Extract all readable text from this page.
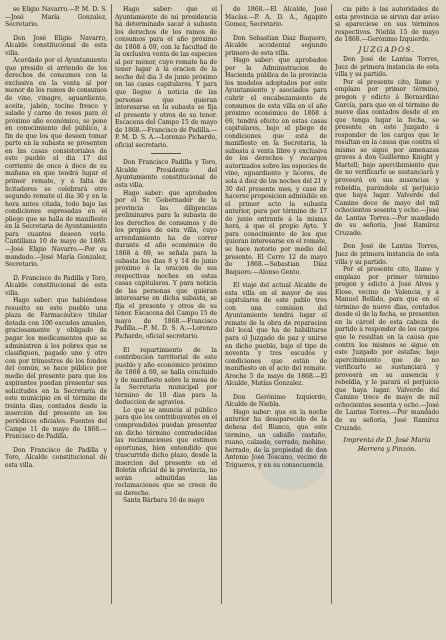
se Eligio Navarro.—P. M. D. S.—José María Gonzalez, Secretario.

Don José Eligio Navarro, Alcalde constitucional de esta villa.

Acordado por el Ayuntamiento que presido el arriendo de los derechos de consumos con la exclusiva en la venta al por menor de los ramos de consumos de vino, vinagre, aguardiente, aceite, jabón, tocino fresco y salado y carne de reses para el próximo año económico, se pone en conocimiento del público, á fin de que los que deseen tomar parte en la subasta se presenten en las casas consistoriales de este pueblo el dia 17 del corriente de once á doce de su mañana en que tendrá lugar el primer remate, y á falta de licitadores se celebrará otro segundo remate el dia 30 y en la hora antes citada, todo bajo las condiciones espresadas en el pliego que se halla de manifiesto en la Secretaria de Ayuntamiento para cuantos deseen verle. Cantillana 10 de mayo de 1868.—José Eligio Navarro.—Por su mandado.—José María Gonzalez, Secretario.

D. Francisco de Padilla y Toro, Alcalde constitucional de esta villa.

Hago saber: que habiéndose resuelto en este pueblo una plaza de Farmacéutico titular dotada con 100 escudos anuales, graciosamente y obligado de pagar los medicamentos que se administren á los pobres que se clasifiquen, pagado uno y otro con por trimestres de los fondos del común, se hace público por medio del presente para que los aspirantes puedan presentar sus solicitudes en la Secretaría de este municipio en el término de treinta dias, contados desde la inserción del presente en los periódicos oficiales. Fuentes del Campo 11 de mayo de 1868.—Francisco de Padilla.

Don Francisco de Padilla y Toro, Alcalde constitucional de esta villa.

Hago saber: que el Ayuntamiento de mi presidencia ha determinado sacar á subasta los derechos de los ramos de consumos para el año próximo de 1868 á 69, con la facultad de la exclusiva venta de las especies al por menor, cuyo remate ha de tener lugar á la oracion de la noche del dia 3 de junio próximo en las casas capitulares. Y para que llegue á noticia de las personas que quieran interesarse en la subasta se fija el presente y otros de su tenor. Escacena del Campo 15 de mayo de 1868.—Francisco de Padilla.—P. M. D. S. A.—Lorenzo Pichardo, oficial secretario.

Don Francisco Padilla y Toro, Alcalde Presidente del Ayuntamiento constitucional de esta villa.

Hago saber: que aprobados por el Sr. Gobernador de la provincia las diligencias preliminares para la subasta de los derechos de consumos y de los propios de esta villa, cuyo arrendamiento ha de correr durante el año económico de 1868 á 69, se señala para la subasta los dias 8 y 14 de junio próximo á la oracion de sus respectivas noches en estas casas capitulares. Y para noticia de las personas que quieran interesarse en dicha subasta, se fija el presente y otros de su tenor. Escacena del Campo 15 de mayo de 1868.—Francisco Padilla.—P. M. D. S. A.—Lorenzo Pichardo, oficial secretario.

El repartimiento de la contribucion territorial de este pueblo y año económico próximo de 1868 á 69, se halla concluido y de manifiesto sobre la mesa de la Secretaría municipal por término de 10 dias para la deduccion de agravios.

Lo que se anuncia al público para que los contribuyentes en el comprendidos puedan presentar en dicho término contradecidas las reclamaciones que estimen oportunas, bien entendido que trascurrido dicho plazo, desde la insercion del presente en el Boletín oficial de la provincia, no serán admitidas las reclamaciones que se creen de su derecho.

Santa Bárbara 16 de mayo

de 1868.—El Alcalde, José Macías.—P. A. D. A., Agapito Gomez, Secretario.

Don Sebastian Diaz Baquero, Alcalde accidental segundo primero de esta villa.

Hago saber: que aprobados por la Administracion de Hacienda pública de la provincia los modelos adoptados por este Ayuntamiento y asociados para cubrir el encabezamiento de consumos de esta villa en el año próximo económico de 1868 á 69, tendrá efecto en estas casas capitulares, bajo el pliego de condiciones que está de manifiesto en la Secretaria, la subasta á venta libre y exclusiva de los derechos y recargos autorizados sobre las especies de vino, aguardiente y licores, de sola á diez de las noches del 21 y 30 del presente mes, y caso de hacerse proposicion admisible en el primer acto la subasta anterior, para por término de 17 de junio entrante á la misma hora, á que el propio Ayto. Y para conocimiento de los que quieran interesarse en el remate, se hace notorio por medio del presente. El Cerro 12 de mayo de 1868.—Sebastian Diaz Baquero.—Alonso Gento.

El viaje del actual Alcalde de esta villa en el mayor de sus capitulares de este pablo tres con una comision del Ayuntamiento tendrá lugar el remate de la obra de reparacion del local que ha de habilitarse para el Juzgado de paz y unirse en dicho pueblo, bajo el tipo de noventa y tres escudos y condiciones que están de manifiesto en el acto del remate. Aroche 5 de mayo de 1868.—El Alcalde, Matías Gonzalez.

Don Gerónimo Izquierdo, Alcalde de Niebla.

Hago saber: que en la noche anterior ha desaparecido de la dehesa del Blanco, que este término, un caballo castaño, ruano, calzado, cerrado, mohino, herrado, de la propiedad de don Antonio José Toscano, vecino de Trigueros, y en su consecuencia

cia pido á las autoridades de esta provincia se sirvan dar aviso si apareciese en sus términos respectivos. Niebla 15 de mayo de 1868.—Gerónimo Izquierdo.

JUZGADOS.

Don José de Lantas Torres, Juez de primera instancia de esta villa y su partido.

Por el presente cito, llamo y emplazo por primer término, pregon y edicto á Bernardino García, para que en el término de nueve dias contados desde el en que tenga lugar la fecha, se presente en este Juzgado á responder de los cargos que le resultan en la causa que contra el mismo se sigue por amenazas graves á don Guillermo Knight y Martell; bajo apercibimiento que de no verificarlo se sustanciará y proveerá en sus ausencias y rebeldía, parándole el perjuicio que haya lugar. Valverde del Camino doce de mayo del mil ochocientos sesenta y ocho.—José de Lantas Torres.—Por mandado de su señoría, José Ramírez Cruzado.

Don José de Lantas Torres, Juez de primera instancia de esta villa y su partido.

Por el presente cito, llamo y emplazo por primer término pregon y edicto á José Alves y Elose, vecino de Valencia, y á Manuel Bellido, para que en el término de nueve dias, contados desde el de la fecha, se presenten en la cárcel de esta cabeza de partido á responder de los cargos que le resultan en la causa que contra los mismos se sigue en este Juzgado por estafas; bajo apercibimiento que de no verificarlo se sustanciará y proveerá en su ausencia y rebeldía, y le parará el perjuicio que haya lugar. Valverde del Camino trece de mayo de mil ochocientos sesenta y ocho.—José de Lantas Torres.—Por mandado de su señoría, José Ramírez Cruzado.

Imprenta de D. José María Herrera y Pinzón.
